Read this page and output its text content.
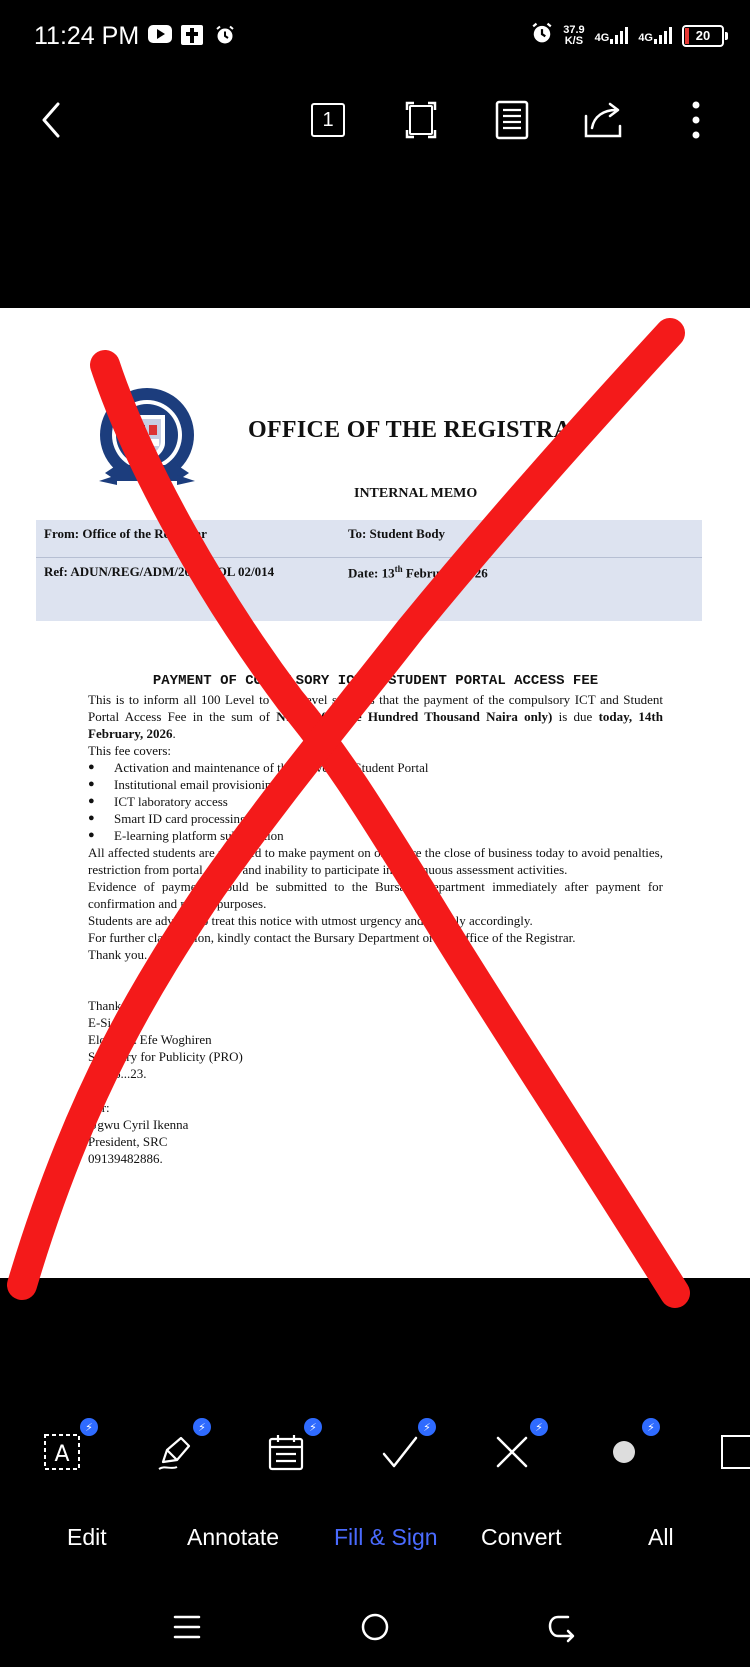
11:24 PM	37.9
K/S 4G	4G	20
1
OFFICE OF THE REGISTRAR
INTERNAL MEMO
From: Office of the Registrar	To: Student Body
Ref: ADUN/REG/ADM/2026/VOL 02/014	Date: 13th February 2026
PAYMENT OF COMPULSORY ICT & STUDENT PORTAL ACCESS FEE
This is to inform all 100 Level to 400 Level students that the payment of the compulsory ICT and Student Portal Access Fee in the sum of N100,000 (One Hundred Thousand Naira only) is due today, 14th February, 2026.
This fee covers:
● Activation and maintenance of the University Student Portal
● Institutional email provisioning
● ICT laboratory access
● Smart ID card processing
● E-learning platform subscription
All affected students are required to make payment on or before the close of business today to avoid penalties, restriction from portal access and inability to participate in continuous assessment activities.
Evidence of payment should be submitted to the Bursary Department immediately after payment for confirmation and record purposes.
Students are advised to treat this notice with utmost urgency and comply accordingly.
For further clarification, kindly contact the Bursary Department or the Office of the Registrar.
Thank you.
Thank you.
E-Signed;
Eloghosa Efe Woghiren
Secretary for Publicity (PRO)
09066...23.
For:
Ugwu Cyril Ikenna
President, SRC
09139482886.
A
⚡	⚡	⚡	⚡	⚡	⚡
Edit	Annotate Fill & Sign Convert	All
